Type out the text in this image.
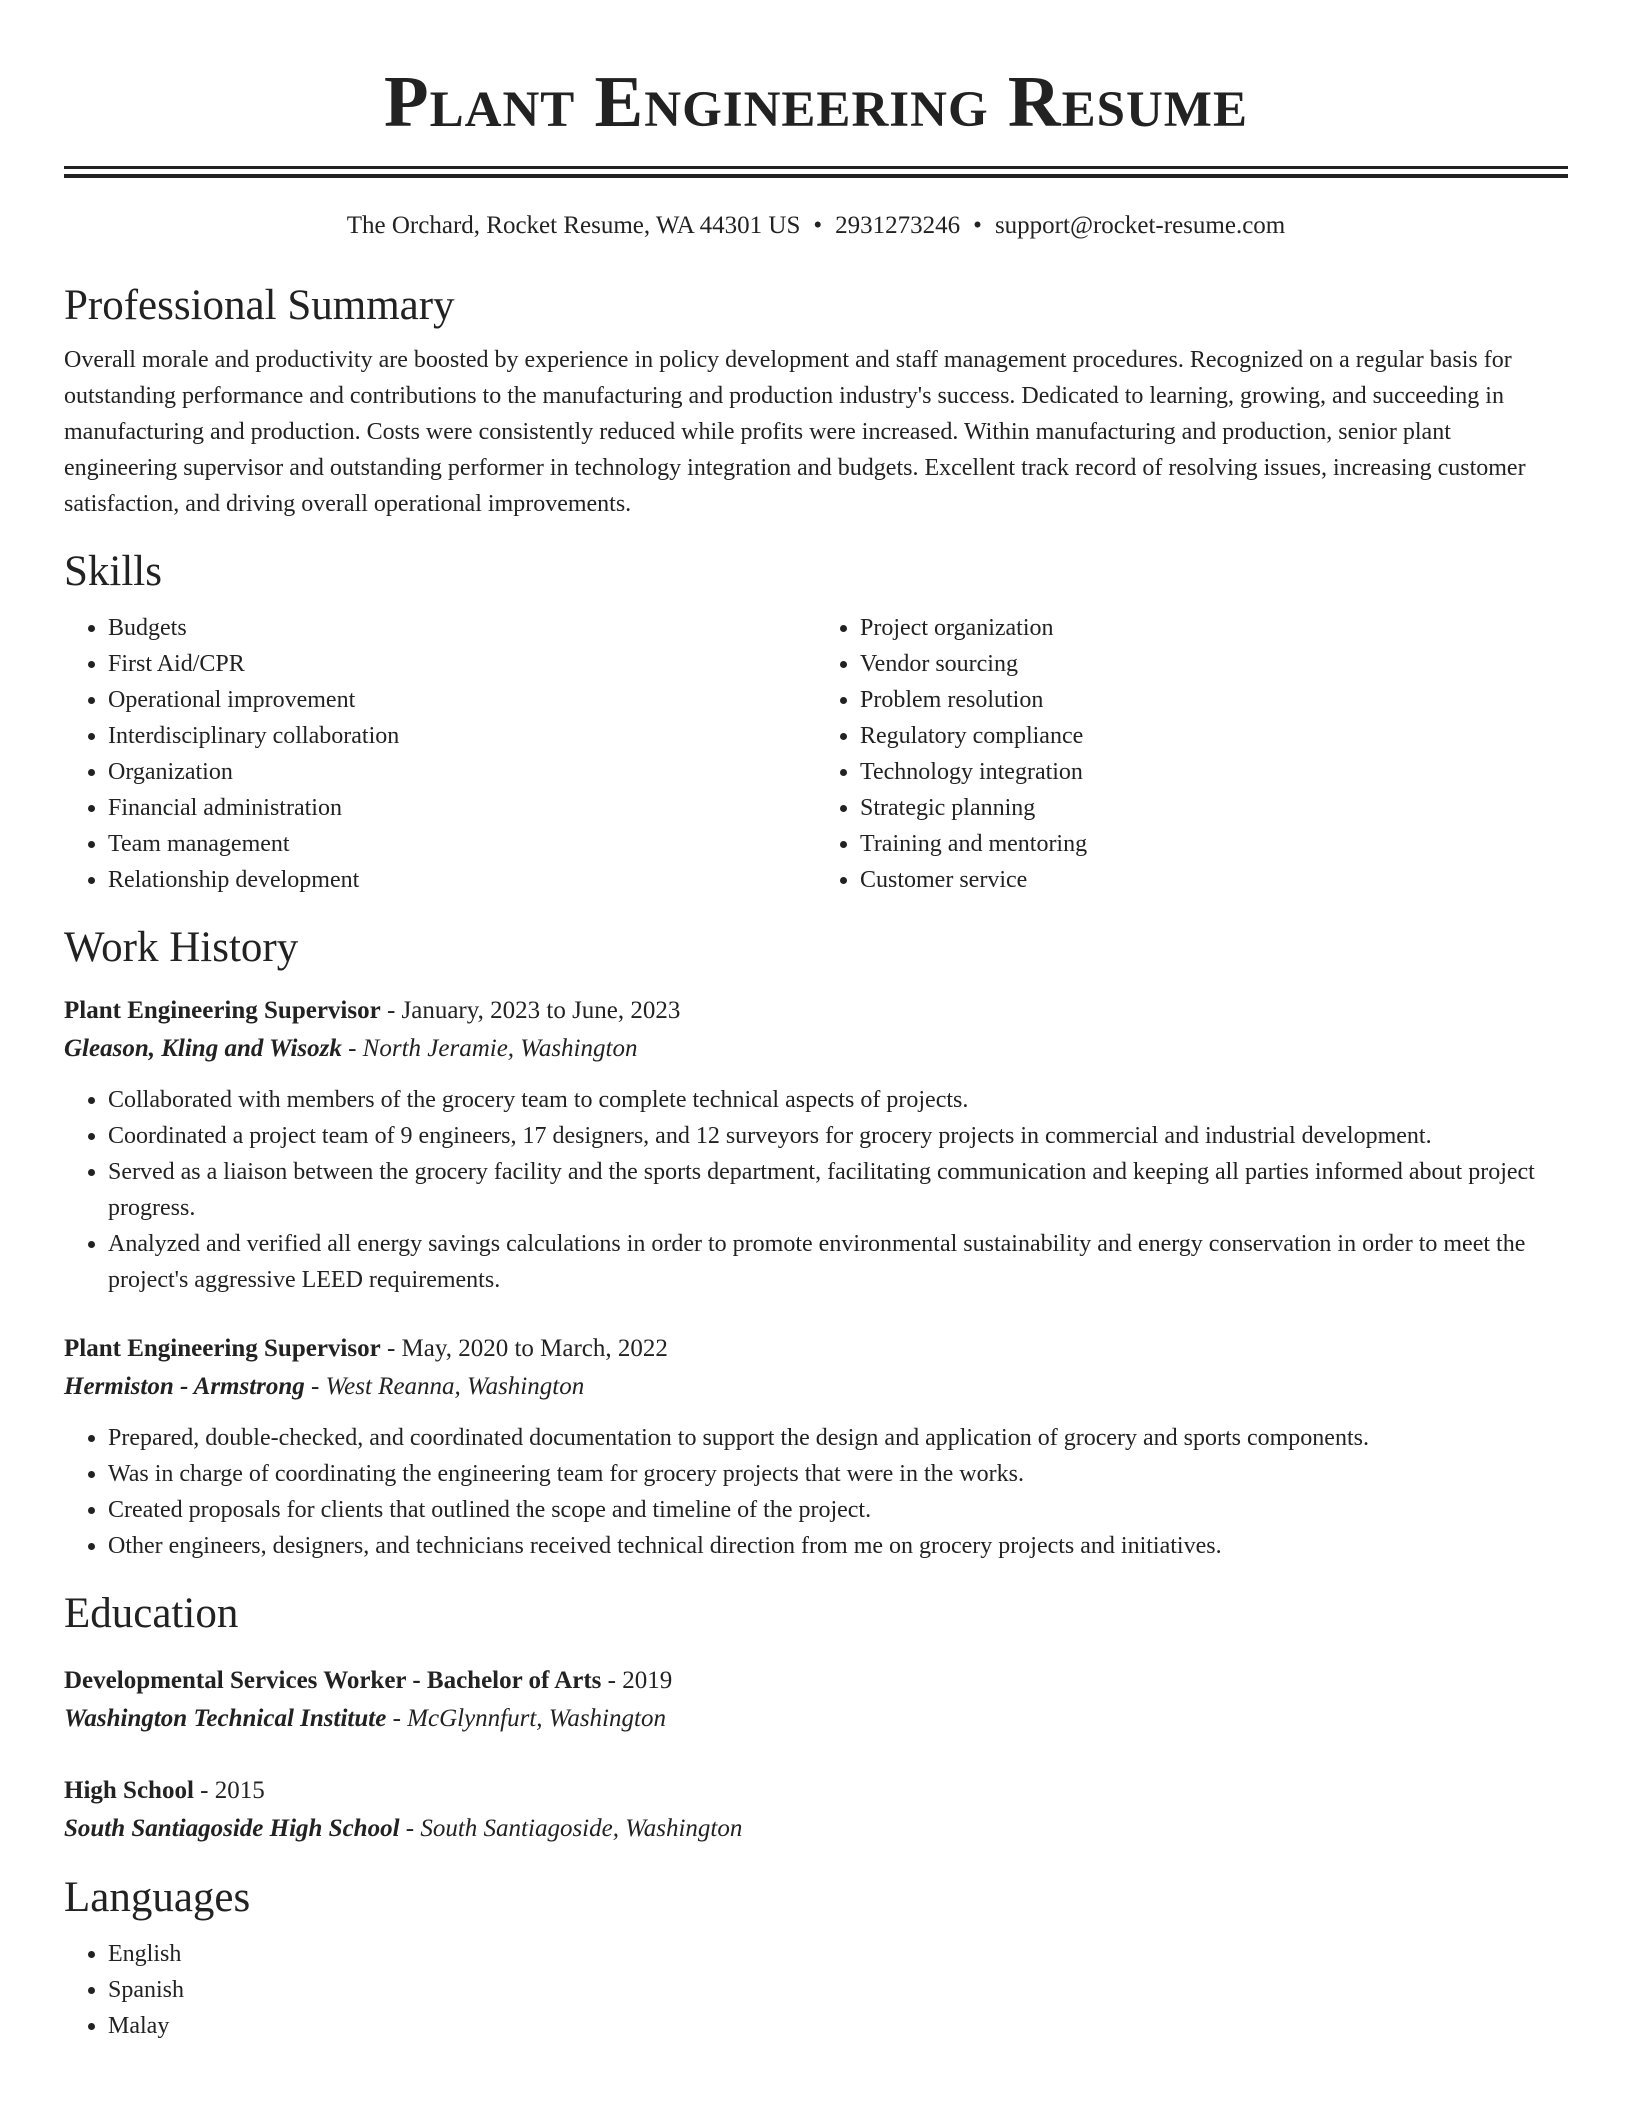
Plant Engineering Resume
The Orchard, Rocket Resume, WA 44301 US • 2931273246 • support@rocket-resume.com
Professional Summary
Overall morale and productivity are boosted by experience in policy development and staff management procedures. Recognized on a regular basis for outstanding performance and contributions to the manufacturing and production industry's success. Dedicated to learning, growing, and succeeding in manufacturing and production. Costs were consistently reduced while profits were increased. Within manufacturing and production, senior plant engineering supervisor and outstanding performer in technology integration and budgets. Excellent track record of resolving issues, increasing customer satisfaction, and driving overall operational improvements.
Skills
• Budgets
• First Aid/CPR
• Operational improvement
• Interdisciplinary collaboration
• Organization
• Financial administration
• Team management
• Relationship development
• Project organization
• Vendor sourcing
• Problem resolution
• Regulatory compliance
• Technology integration
• Strategic planning
• Training and mentoring
• Customer service
Work History
Plant Engineering Supervisor - January, 2023 to June, 2023
Gleason, Kling and Wisozk - North Jeramie, Washington
• Collaborated with members of the grocery team to complete technical aspects of projects.
• Coordinated a project team of 9 engineers, 17 designers, and 12 surveyors for grocery projects in commercial and industrial development.
• Served as a liaison between the grocery facility and the sports department, facilitating communication and keeping all parties informed about project progress.
• Analyzed and verified all energy savings calculations in order to promote environmental sustainability and energy conservation in order to meet the project's aggressive LEED requirements.
Plant Engineering Supervisor - May, 2020 to March, 2022
Hermiston - Armstrong - West Reanna, Washington
• Prepared, double-checked, and coordinated documentation to support the design and application of grocery and sports components.
• Was in charge of coordinating the engineering team for grocery projects that were in the works.
• Created proposals for clients that outlined the scope and timeline of the project.
• Other engineers, designers, and technicians received technical direction from me on grocery projects and initiatives.
Education
Developmental Services Worker - Bachelor of Arts - 2019
Washington Technical Institute - McGlynnfurt, Washington
High School - 2015
South Santiagoside High School - South Santiagoside, Washington
Languages
• English
• Spanish
• Malay
